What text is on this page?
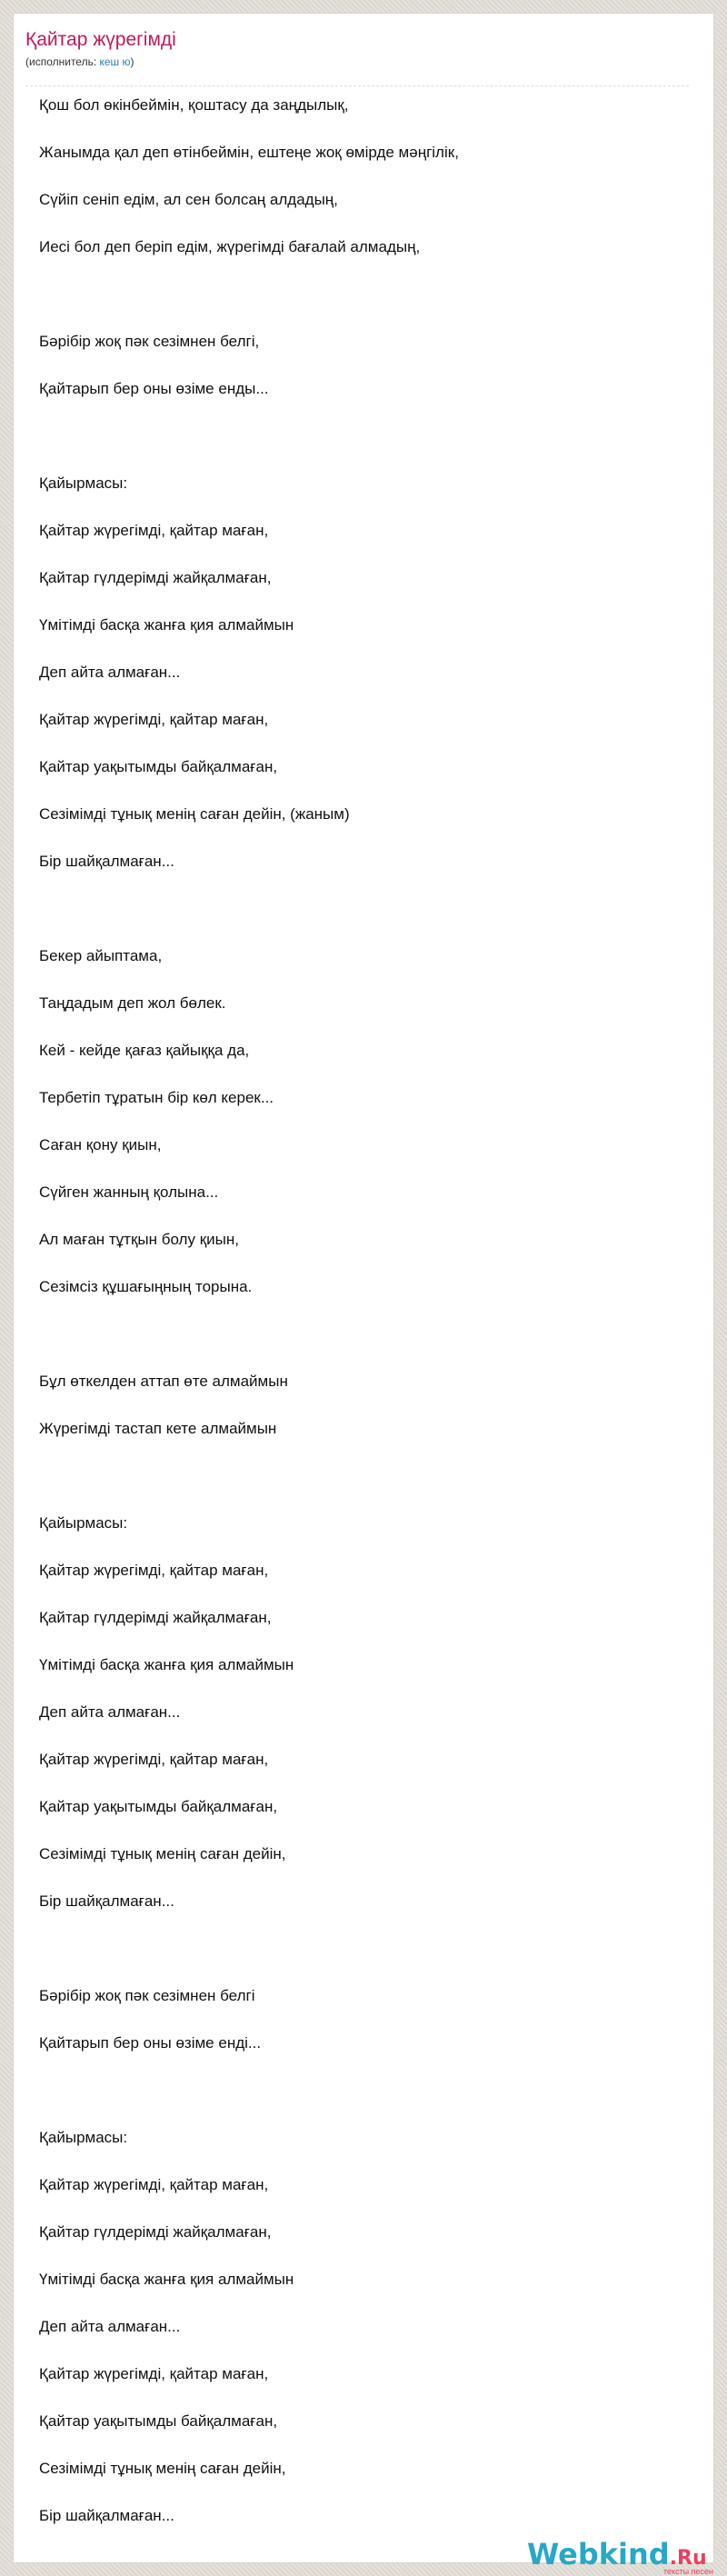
Қайтар жүрегімді
(исполнитель: кеш ю)
Қош бол өкінбеймін, қоштасу да заңдылық,
Жанымда қал деп өтінбеймін, ештеңе жоқ өмірде мәңгілік,
Сүйіп сеніп едім, ал сен болсаң алдадың,
Иесі бол деп беріп едім, жүрегімді бағалай алмадың,
Бәрібір жоқ пәк сезімнен белгі,
Қайтарып бер оны өзіме енды...
Қайырмасы:
Қайтар жүрегімді, қайтар маған,
Қайтар гүлдерімді жайқалмаған,
Үмітімді басқа жанға қия алмаймын
Деп айта алмаған...
Қайтар жүрегімді, қайтар маған,
Қайтар уақытымды байқалмаған,
Сезімімді тұнық менің саған дейін, (жаным)
Бір шайқалмаған...
Бекер айыптама,
Таңдадым деп жол бөлек.
Кей - кейде қағаз қайыққа да,
Тербетіп тұратын бір көл керек...
Саған қону қиын,
Сүйген жанның қолына...
Ал маған тұтқын болу қиын,
Сезімсіз құшағыңның торына.
Бұл өткелден аттап өте алмаймын
Жүрегімді тастап кете алмаймын
Қайырмасы:
Қайтар жүрегімді, қайтар маған,
Қайтар гүлдерімді жайқалмаған,
Үмітімді басқа жанға қия алмаймын
Деп айта алмаған...
Қайтар жүрегімді, қайтар маған,
Қайтар уақытымды байқалмаған,
Сезімімді тұнық менің саған дейін,
Бір шайқалмаған...
Бәрібір жоқ пәк сезімнен белгі
Қайтарып бер оны өзіме енді...
Қайырмасы:
Қайтар жүрегімді, қайтар маған,
Қайтар гүлдерімді жайқалмаған,
Үмітімді басқа жанға қия алмаймын
Деп айта алмаған...
Қайтар жүрегімді, қайтар маған,
Қайтар уақытымды байқалмаған,
Сезімімді тұнық менің саған дейін,
Бір шайқалмаған...
Webkind.Ru
тексты песен
